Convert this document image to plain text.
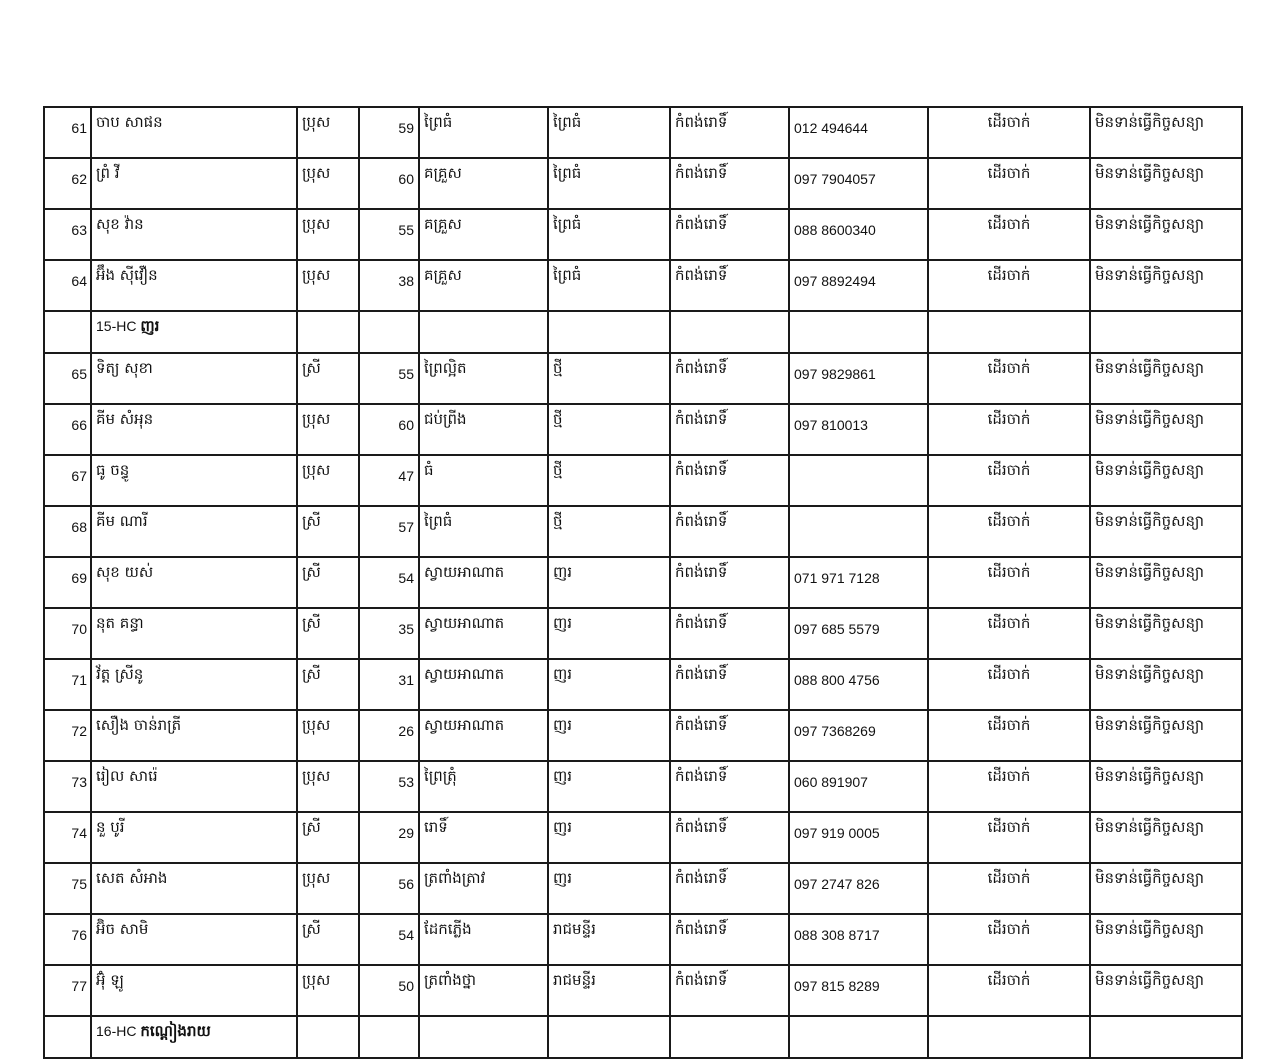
61	ចាប សាផន	ប្រុស	59	ព្រៃធំ	ព្រៃធំ	កំពង់រោទិ៍	012 494644	ដើរចាក់	មិនទាន់ធ្វើកិច្ចសន្យា
62	ព្រំ វី	ប្រុស	60	គគ្រួស	ព្រៃធំ	កំពង់រោទិ៍	097 7904057	ដើរចាក់	មិនទាន់ធ្វើកិច្ចសន្យា
63	សុខ វ៉ាន	ប្រុស	55	គគ្រួស	ព្រៃធំ	កំពង់រោទិ៍	088 8600340	ដើរចាក់	មិនទាន់ធ្វើកិច្ចសន្យា
64	អ៊ឹង ស៊ីវឿន	ប្រុស	38	គគ្រួស	ព្រៃធំ	កំពង់រោទិ៍	097 8892494	ដើរចាក់	មិនទាន់ធ្វើកិច្ចសន្យា
	15-HC ញរ								
65	ទិត្យ សុខា	ស្រី	55	ព្រៃល្អិត	ថ្មី	កំពង់រោទិ៍	097 9829861	ដើរចាក់	មិនទាន់ធ្វើកិច្ចសន្យា
66	គីម សំអុន	ប្រុស	60	ជប់ព្រីង	ថ្មី	កំពង់រោទិ៍	097 810013	ដើរចាក់	មិនទាន់ធ្វើកិច្ចសន្យា
67	ធូ ចន្ធូ	ប្រុស	47	ធំ	ថ្មី	កំពង់រោទិ៍		ដើរចាក់	មិនទាន់ធ្វើកិច្ចសន្យា
68	គីម ណារី	ស្រី	57	ព្រៃធំ	ថ្មី	កំពង់រោទិ៍		ដើរចាក់	មិនទាន់ធ្វើកិច្ចសន្យា
69	សុខ យស់	ស្រី	54	ស្វាយអាណាត	ញរ	កំពង់រោទិ៍	071 971 7128	ដើរចាក់	មិនទាន់ធ្វើកិច្ចសន្យា
70	នុត គន្ធា	ស្រី	35	ស្វាយអាណាត	ញរ	កំពង់រោទិ៍	097 685 5579	ដើរចាក់	មិនទាន់ធ្វើកិច្ចសន្យា
71	វ័ត្ត ស្រីនូ	ស្រី	31	ស្វាយអាណាត	ញរ	កំពង់រោទិ៍	088 800 4756	ដើរចាក់	មិនទាន់ធ្វើកិច្ចសន្យា
72	សឿង ចាន់រាត្រី	ប្រុស	26	ស្វាយអាណាត	ញរ	កំពង់រោទិ៍	097 7368269	ដើរចាក់	មិនទាន់ធ្វើកិច្ចសន្យា
73	រៀល សារ៉េ	ប្រុស	53	ព្រៃត្រុំ	ញរ	កំពង់រោទិ៍	060 891907	ដើរចាក់	មិនទាន់ធ្វើកិច្ចសន្យា
74	នួ បូរី	ស្រី	29	រោទិ៍	ញរ	កំពង់រោទិ៍	097 919 0005	ដើរចាក់	មិនទាន់ធ្វើកិច្ចសន្យា
75	សេត សំអាង	ប្រុស	56	ត្រពាំងត្រាវ	ញរ	កំពង់រោទិ៍	097 2747 826	ដើរចាក់	មិនទាន់ធ្វើកិច្ចសន្យា
76	អ៊ិច សាមិ	ស្រី	54	ដែកភ្លើង	រាជមន្ទីរ	កំពង់រោទិ៍	088 308 8717	ដើរចាក់	មិនទាន់ធ្វើកិច្ចសន្យា
77	អ៊ុំ ឡូ	ប្រុស	50	ត្រពាំងថ្នា	រាជមន្ទីរ	កំពង់រោទិ៍	097 815 8289	ដើរចាក់	មិនទាន់ធ្វើកិច្ចសន្យា
	16-HC កណ្ដៀងរាយ								
